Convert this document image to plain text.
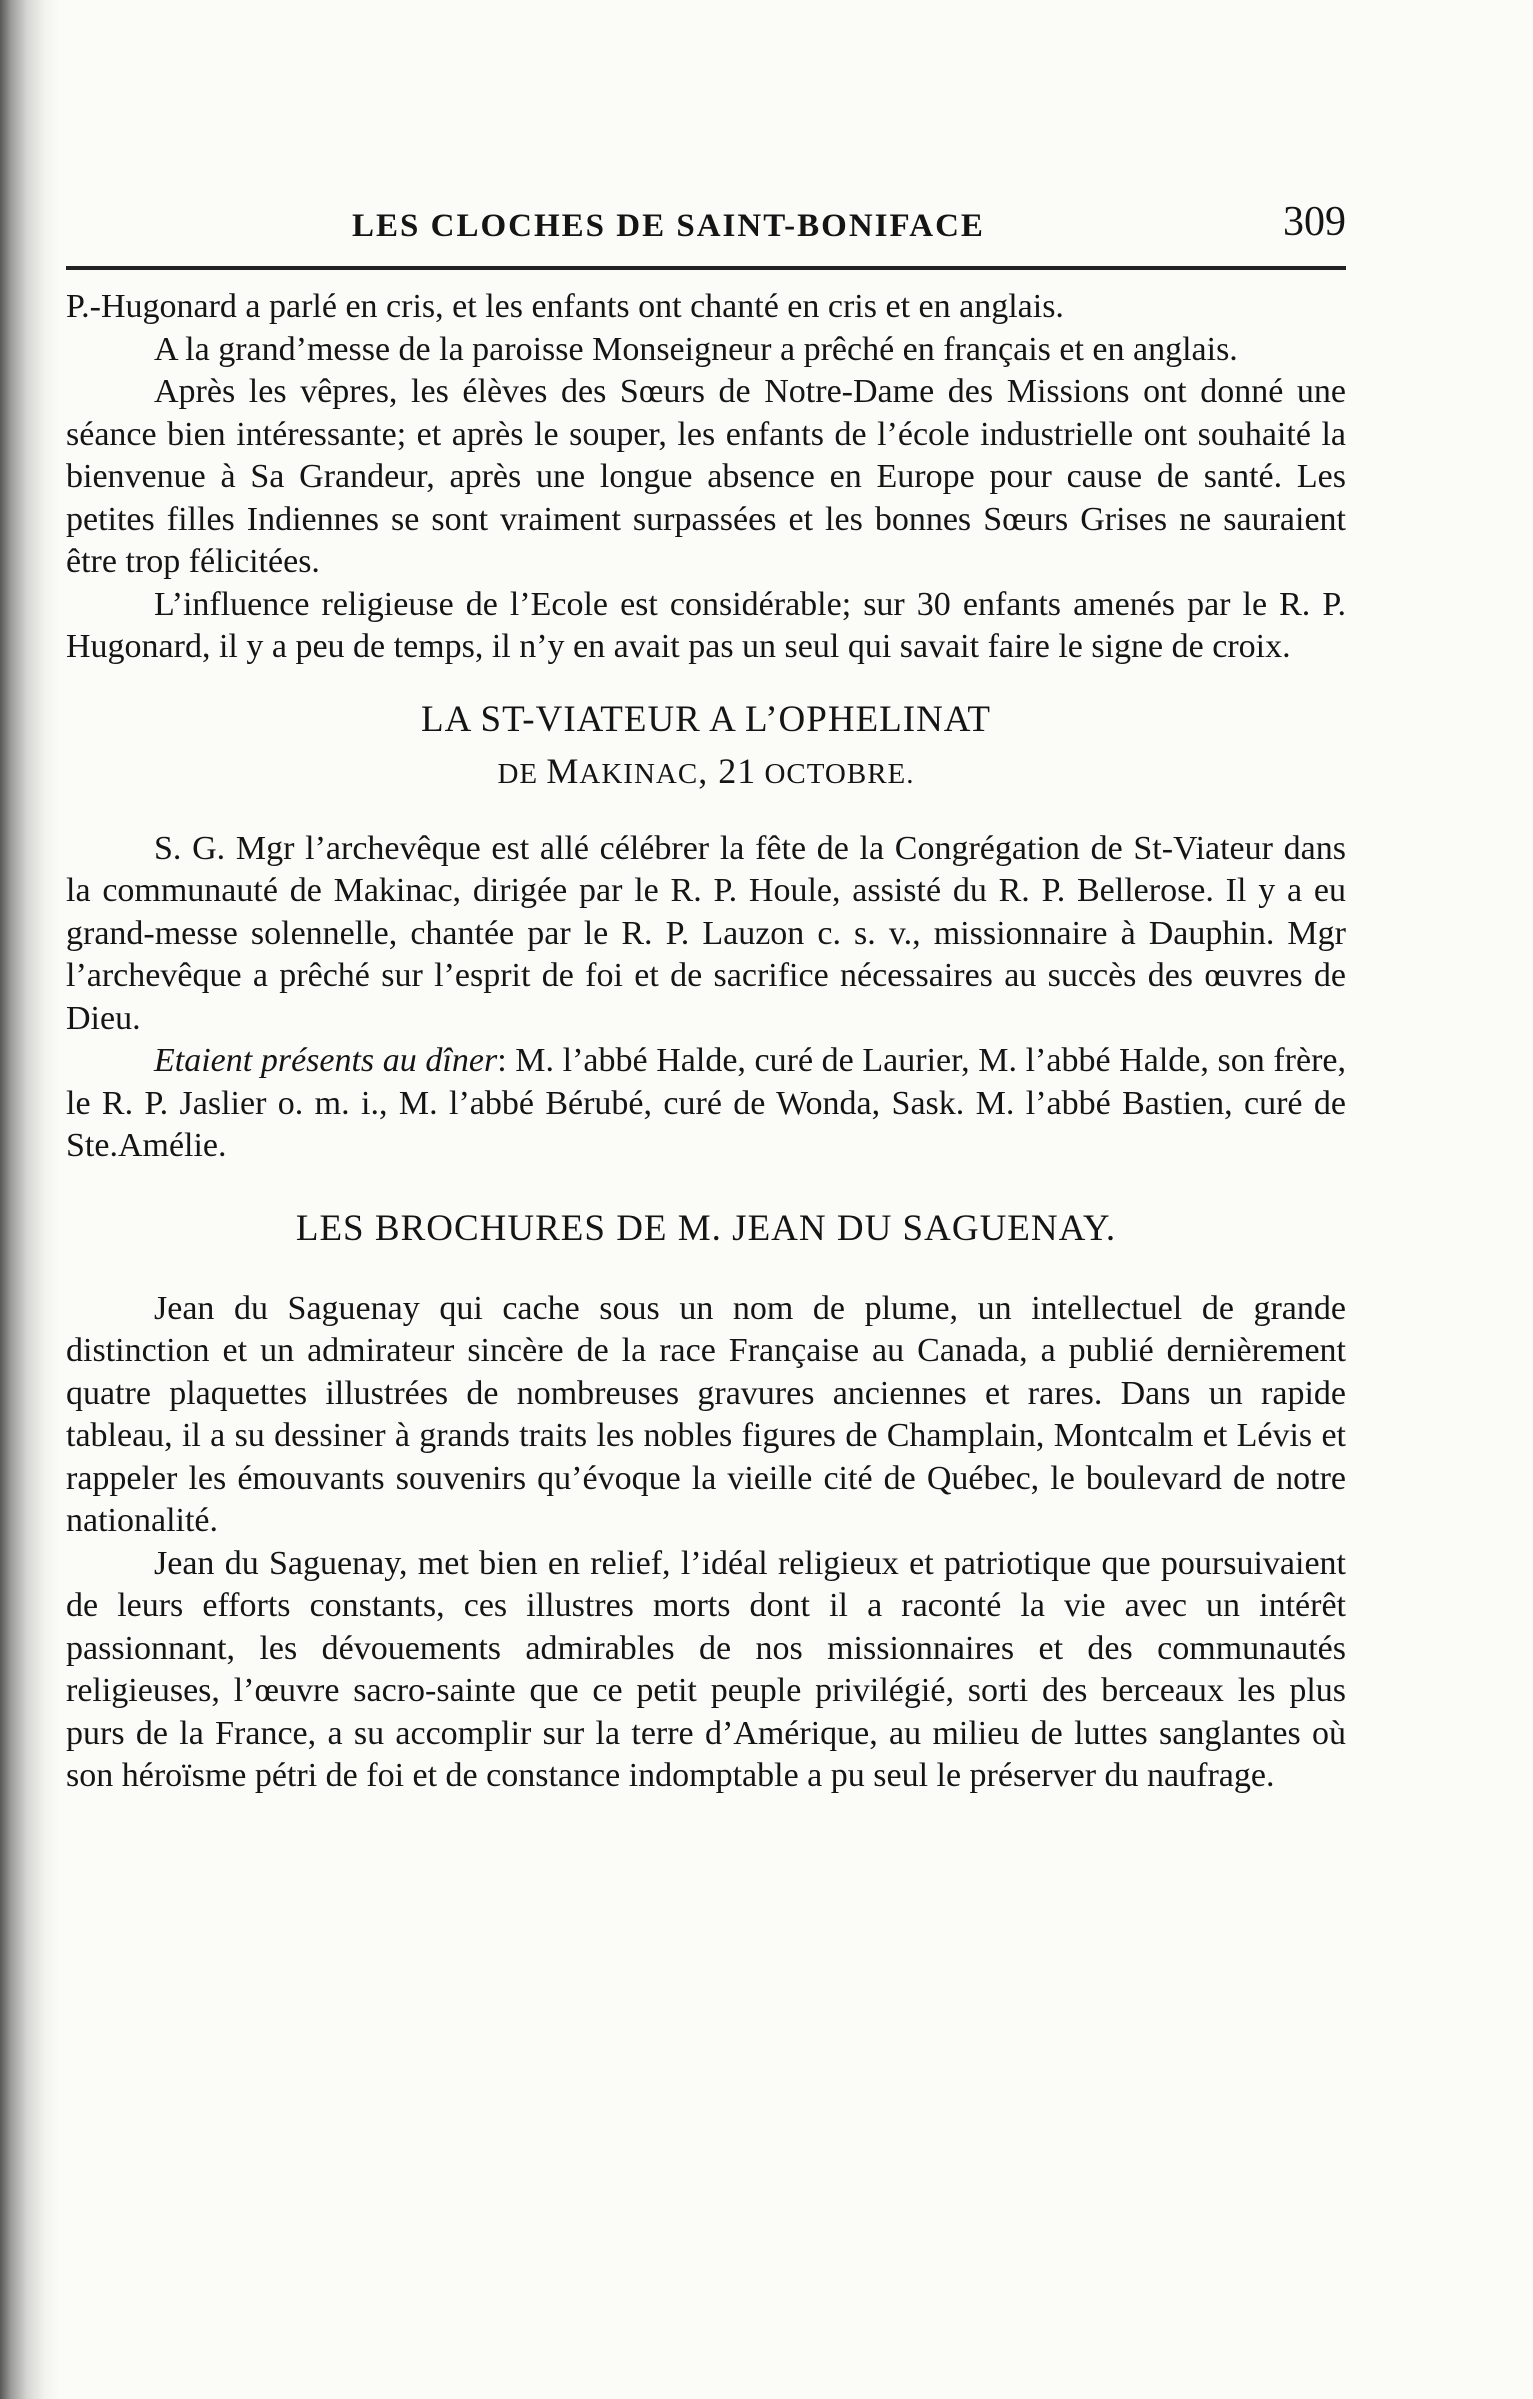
LES CLOCHES DE SAINT-BONIFACE	309

P.-Hugonard a parlé en cris, et les enfants ont chanté en cris et en anglais.

A la grand’messe de la paroisse Monseigneur a prêché en français et en anglais.

Après les vêpres, les élèves des Sœurs de Notre-Dame des Missions ont donné une séance bien intéressante; et après le souper, les enfants de l’école industrielle ont souhaité la bienvenue à Sa Grandeur, après une longue absence en Europe pour cause de santé. Les petites filles Indiennes se sont vraiment surpassées et les bonnes Sœurs Grises ne sauraient être trop félicitées.

L’influence religieuse de l’Ecole est considérable; sur 30 enfants amenés par le R. P. Hugonard, il y a peu de temps, il n’y en avait pas un seul qui savait faire le signe de croix.

LA ST-VIATEUR A L’OPHELINAT
DE MAKINAC, 21 OCTOBRE.

S. G. Mgr l’archevêque est allé célébrer la fête de la Congrégation de St-Viateur dans la communauté de Makinac, dirigée par le R. P. Houle, assisté du R. P. Bellerose. Il y a eu grand-messe solennelle, chantée par le R. P. Lauzon c. s. v., missionnaire à Dauphin. Mgr l’archevêque a prêché sur l’esprit de foi et de sacrifice nécessaires au succès des œuvres de Dieu.

Etaient présents au dîner: M. l’abbé Halde, curé de Laurier, M. l’abbé Halde, son frère, le R. P. Jaslier o. m. i., M. l’abbé Bérubé, curé de Wonda, Sask. M. l’abbé Bastien, curé de Ste.Amélie.

LES BROCHURES DE M. JEAN DU SAGUENAY.

Jean du Saguenay qui cache sous un nom de plume, un intellectuel de grande distinction et un admirateur sincère de la race Française au Canada, a publié dernièrement quatre plaquettes illustrées de nombreuses gravures anciennes et rares. Dans un rapide tableau, il a su dessiner à grands traits les nobles figures de Champlain, Montcalm et Lévis et rappeler les émouvants souvenirs qu’évoque la vieille cité de Québec, le boulevard de notre nationalité.

Jean du Saguenay, met bien en relief, l’idéal religieux et patriotique que poursuivaient de leurs efforts constants, ces illustres morts dont il a raconté la vie avec un intérêt passionnant, les dévouements admirables de nos missionnaires et des communautés religieuses, l’œuvre sacro-sainte que ce petit peuple privilégié, sorti des berceaux les plus purs de la France, a su accomplir sur la terre d’Amérique, au milieu de luttes sanglantes où son héroïsme pétri de foi et de constance indomptable a pu seul le préserver du naufrage.
